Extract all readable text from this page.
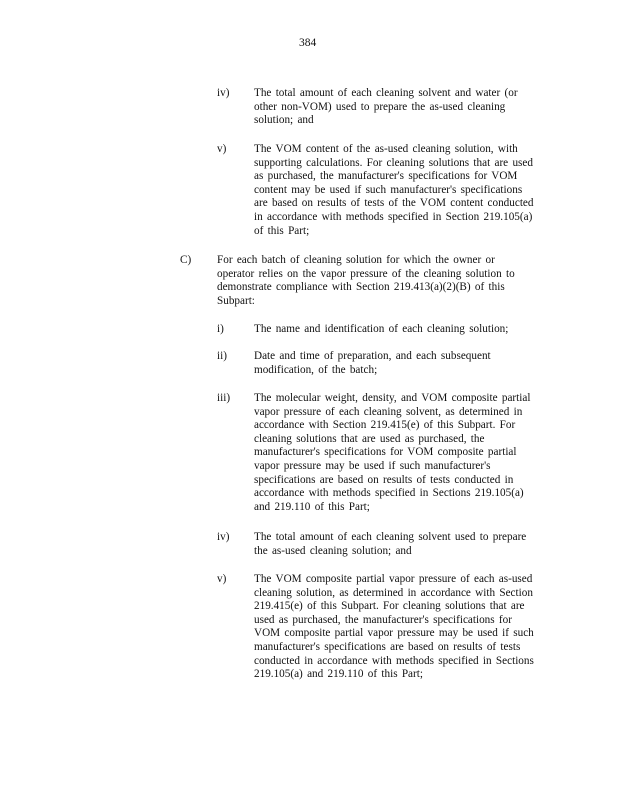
384
iv) The total amount of each cleaning solvent and water (or other non-VOM) used to prepare the as-used cleaning solution; and
v) The VOM content of the as-used cleaning solution, with supporting calculations. For cleaning solutions that are used as purchased, the manufacturer's specifications for VOM content may be used if such manufacturer's specifications are based on results of tests of the VOM content conducted in accordance with methods specified in Section 219.105(a) of this Part;
C) For each batch of cleaning solution for which the owner or operator relies on the vapor pressure of the cleaning solution to demonstrate compliance with Section 219.413(a)(2)(B) of this Subpart:
i)	The name and identification of each cleaning solution;
ii) Date and time of preparation, and each subsequent modification, of the batch;
iii) The molecular weight, density, and VOM composite partial vapor pressure of each cleaning solvent, as determined in accordance with Section 219.415(e) of this Subpart. For cleaning solutions that are used as purchased, the manufacturer's specifications for VOM composite partial vapor pressure may be used if such manufacturer's specifications are based on results of tests conducted in accordance with methods specified in Sections 219.105(a) and 219.110 of this Part;
iv) The total amount of each cleaning solvent used to prepare the as-used cleaning solution; and
v) The VOM composite partial vapor pressure of each as-used cleaning solution, as determined in accordance with Section 219.415(e) of this Subpart. For cleaning solutions that are used as purchased, the manufacturer's specifications for VOM composite partial vapor pressure may be used if such manufacturer's specifications are based on results of tests conducted in accordance with methods specified in Sections 219.105(a) and 219.110 of this Part;
